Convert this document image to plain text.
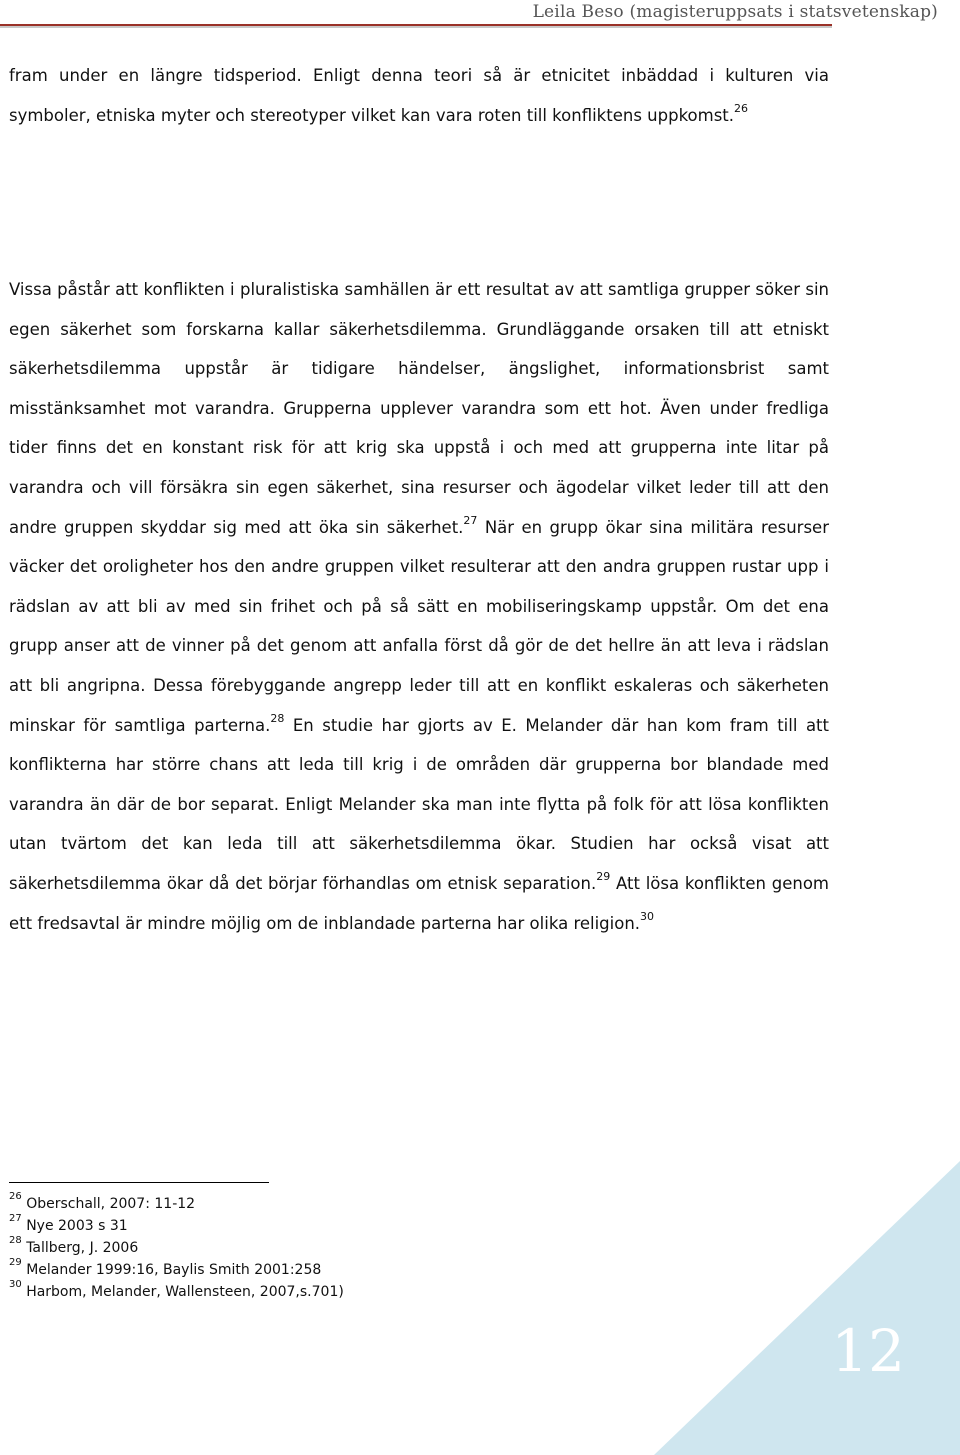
Leila Beso (magisteruppsats i statsvetenskap)

fram under en längre tidsperiod. Enligt denna teori så är etnicitet inbäddad i kulturen via symboler, etniska myter och stereotyper vilket kan vara roten till konfliktens uppkomst.$^{26}$

Vissa påstår att konflikten i pluralistiska samhällen är ett resultat av att samtliga grupper söker sin egen säkerhet som forskarna kallar säkerhetsdilemma. Grundläggande orsaken till att etniskt säkerhetsdilemma uppstår är tidigare händelser, ängslighet, informationsbrist samt misstänksamhet mot varandra. Grupperna upplever varandra som ett hot. Även under fredliga tider finns det en konstant risk för att krig ska uppstå i och med att grupperna inte litar på varandra och vill försäkra sin egen säkerhet, sina resurser och ägodelar vilket leder till att den andre gruppen skyddar sig med att öka sin säkerhet.$^{27}$ När en grupp ökar sina militära resurser väcker det oroligheter hos den andre gruppen vilket resulterar att den andra gruppen rustar upp i rädslan av att bli av med sin frihet och på så sätt en mobiliseringskamp uppstår. Om det ena grupp anser att de vinner på det genom att anfalla först då gör de det hellre än att leva i rädslan att bli angripna. Dessa förebyggande angrepp leder till att en konflikt eskaleras och säkerheten minskar för samtliga parterna.$^{28}$ En studie har gjorts av E. Melander där han kom fram till att konflikterna har större chans att leda till krig i de områden där grupperna bor blandade med varandra än där de bor separat. Enligt Melander ska man inte flytta på folk för att lösa konflikten utan tvärtom det kan leda till att säkerhetsdilemma ökar. Studien har också visat att säkerhetsdilemma ökar då det börjar förhandlas om etnisk separation.$^{29}$ Att lösa konflikten genom ett fredsavtal är mindre möjlig om de inblandade parterna har olika religion.$^{30}$

$^{26}$ Oberschall, 2007: 11-12
$^{27}$ Nye 2003 s 31
$^{28}$ Tallberg, J. 2006
$^{29}$ Melander 1999:16, Baylis Smith 2001:258
$^{30}$ Harbom, Melander, Wallensteen, 2007,s.701)
12
